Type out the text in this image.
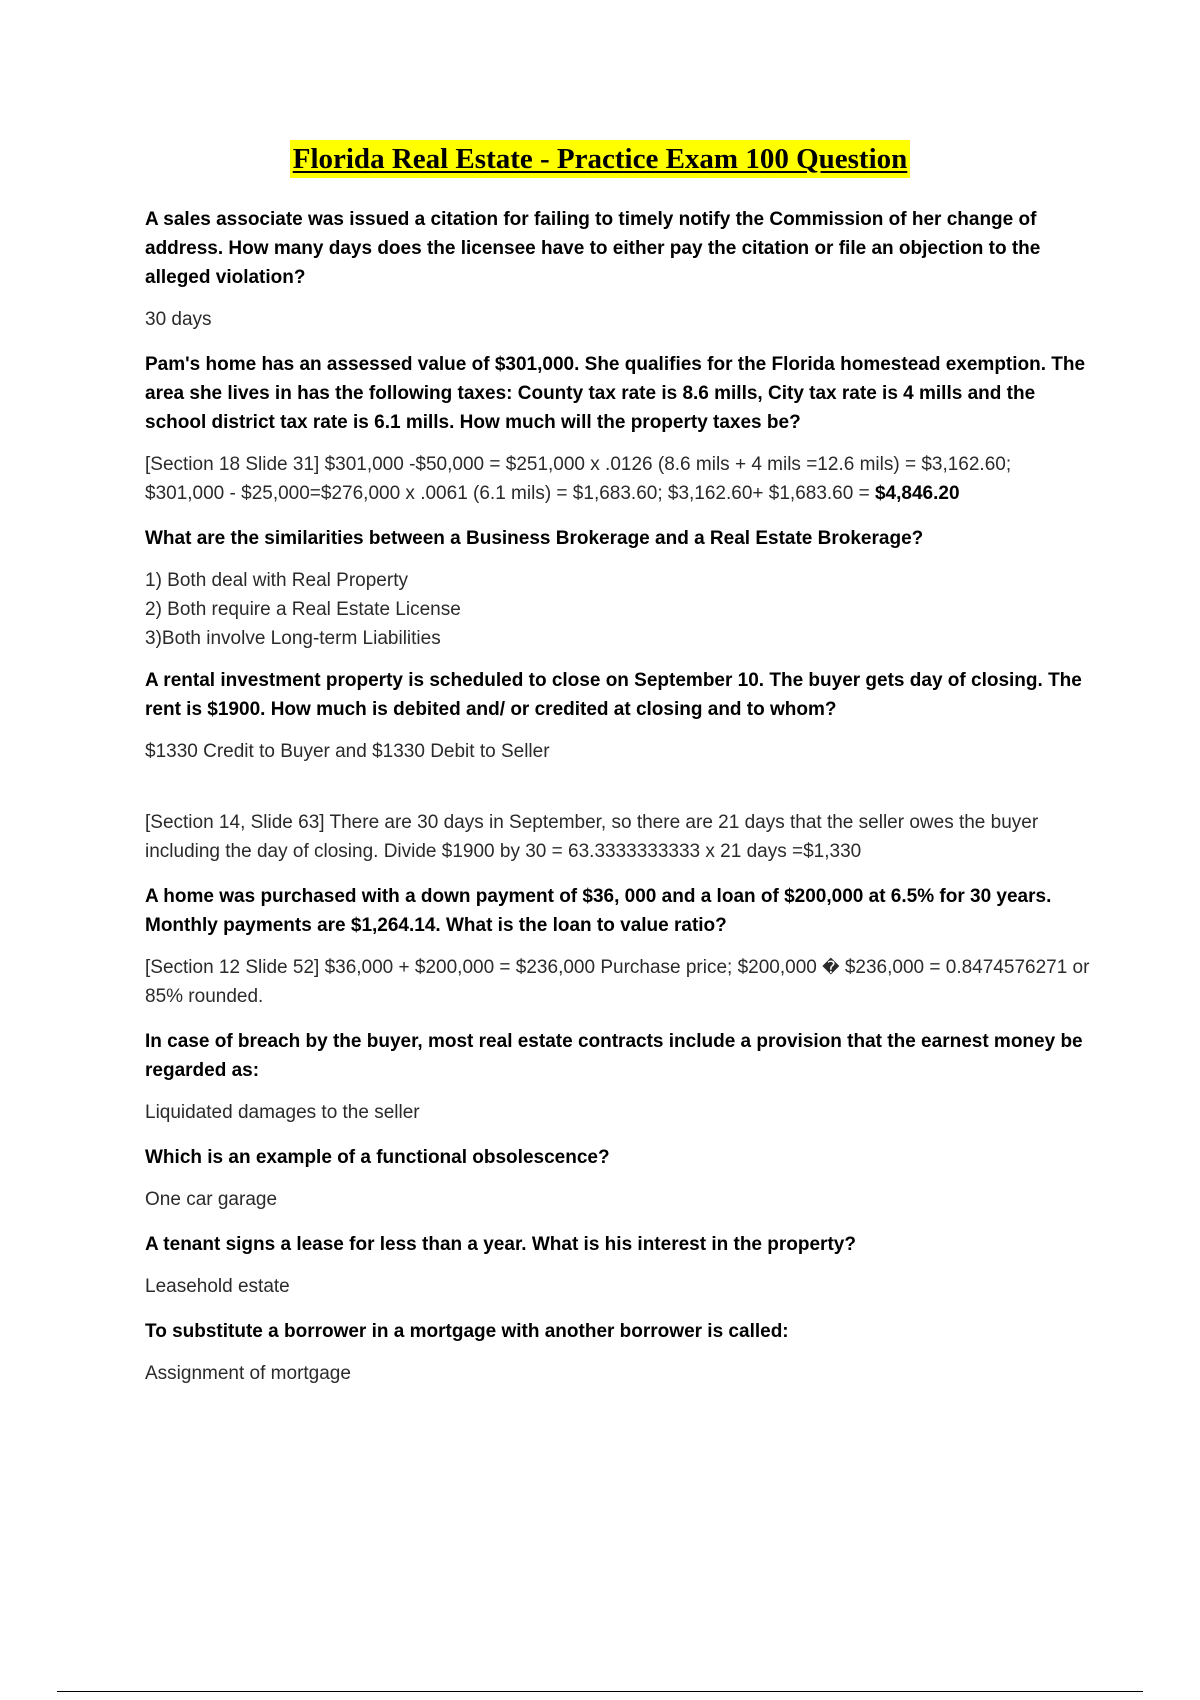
Florida Real Estate - Practice Exam 100 Question
A sales associate was issued a citation for failing to timely notify the Commission of her change of address. How many days does the licensee have to either pay the citation or file an objection to the alleged violation?
30 days
Pam's home has an assessed value of $301,000. She qualifies for the Florida homestead exemption. The area she lives in has the following taxes: County tax rate is 8.6 mills, City tax rate is 4 mills and the school district tax rate is 6.1 mills. How much will the property taxes be?
[Section 18 Slide 31] $301,000 -$50,000 = $251,000 x .0126 (8.6 mils + 4 mils =12.6 mils) = $3,162.60;
$301,000 - $25,000=$276,000 x .0061 (6.1 mils) = $1,683.60; $3,162.60+ $1,683.60 = $4,846.20
What are the similarities between a Business Brokerage and a Real Estate Brokerage?
1) Both deal with Real Property
2) Both require a Real Estate License
3)Both involve Long-term Liabilities
A rental investment property is scheduled to close on September 10. The buyer gets day of closing. The rent is $1900. How much is debited and/ or credited at closing and to whom?
$1330 Credit to Buyer and $1330 Debit to Seller
[Section 14, Slide 63] There are 30 days in September, so there are 21 days that the seller owes the buyer including the day of closing. Divide $1900 by 30 = 63.3333333333 x 21 days =$1,330
A home was purchased with a down payment of $36, 000 and a loan of $200,000 at 6.5% for 30 years. Monthly payments are $1,264.14. What is the loan to value ratio?
[Section 12 Slide 52] $36,000 + $200,000 = $236,000 Purchase price; $200,000 � $236,000 = 0.8474576271 or 85% rounded.
In case of breach by the buyer, most real estate contracts include a provision that the earnest money be regarded as:
Liquidated damages to the seller
Which is an example of a functional obsolescence?
One car garage
A tenant signs a lease for less than a year. What is his interest in the property?
Leasehold estate
To substitute a borrower in a mortgage with another borrower is called:
Assignment of mortgage
